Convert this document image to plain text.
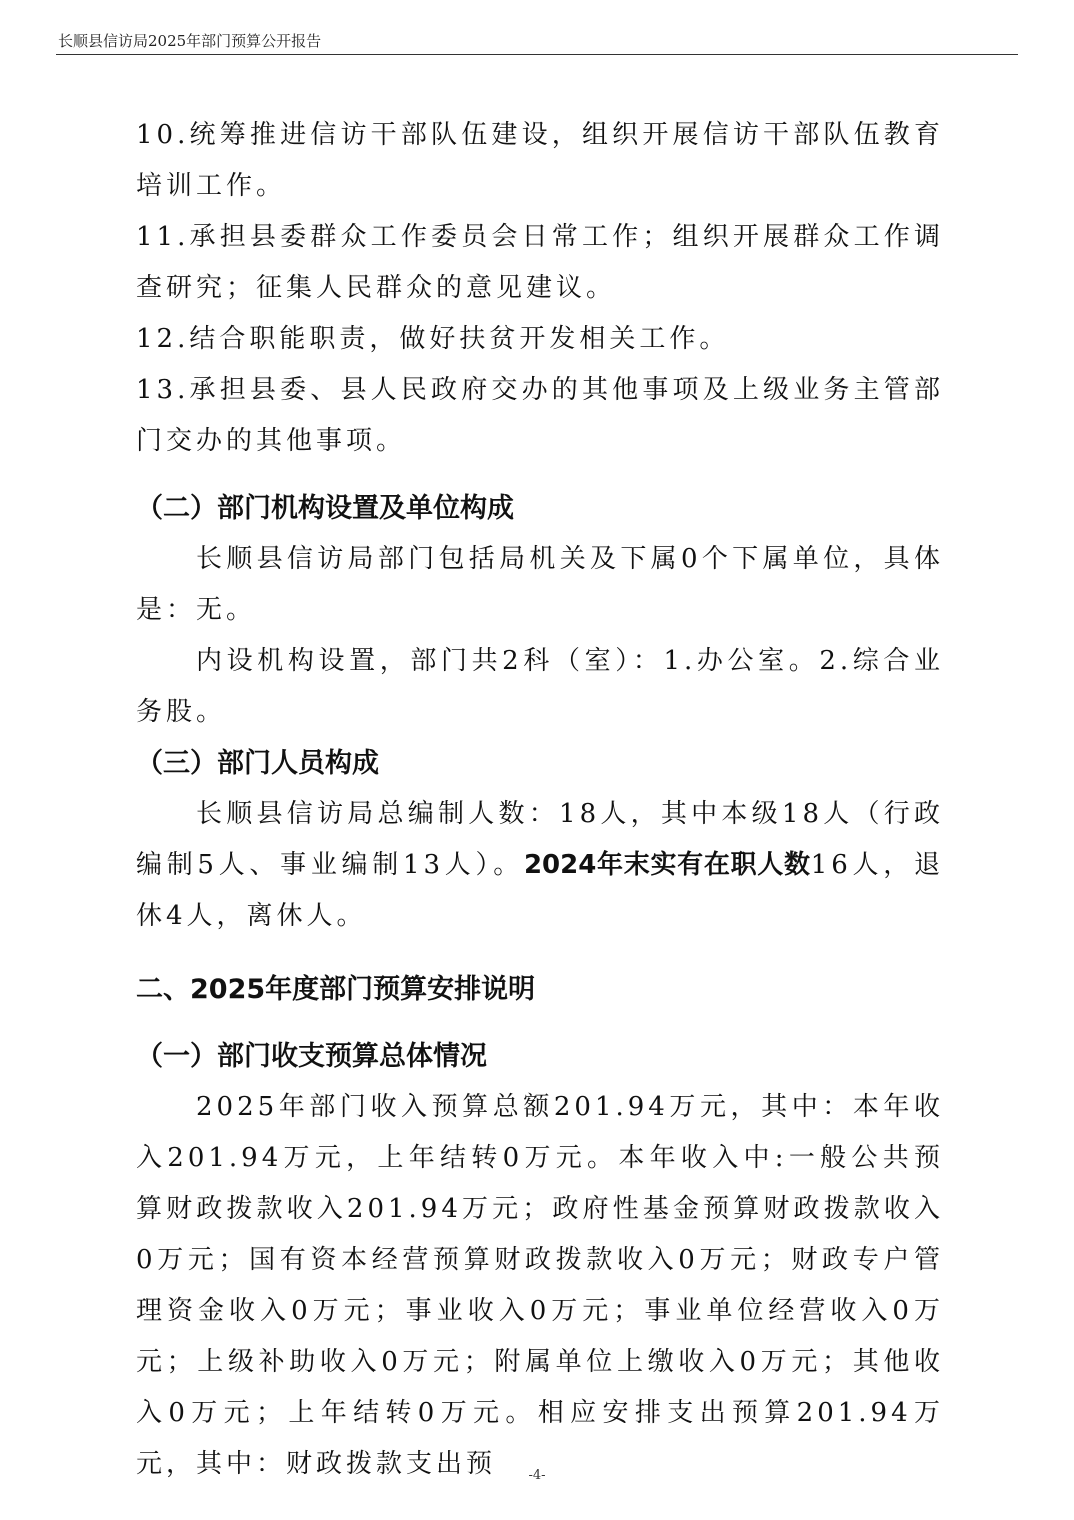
长顺县信访局2025年部门预算公开报告

10.统筹推进信访干部队伍建设，组织开展信访干部队伍教育培训工作。

11.承担县委群众工作委员会日常工作；组织开展群众工作调查研究；征集人民群众的意见建议。

12.结合职能职责，做好扶贫开发相关工作。

13.承担县委、县人民政府交办的其他事项及上级业务主管部门交办的其他事项。

（二）部门机构设置及单位构成

长顺县信访局部门包括局机关及下属0个下属单位，具体是：无。

内设机构设置，部门共2科（室）：1.办公室。2.综合业务股。

（三）部门人员构成

长顺县信访局总编制人数：18人，其中本级18人（行政编制5人、事业编制13人）。2024年末实有在职人数16人，退休4人，离休人。

二、2025年度部门预算安排说明
（一）部门收支预算总体情况

2025年部门收入预算总额201.94万元，其中：本年收入201.94万元，上年结转0万元。本年收入中:一般公共预算财政拨款收入201.94万元；政府性基金预算财政拨款收入0万元；国有资本经营预算财政拨款收入0万元；财政专户管理资金收入0万元；事业收入0万元；事业单位经营收入0万元；上级补助收入0万元；附属单位上缴收入0万元；其他收入0万元；上年结转0万元。相应安排支出预算201.94万元，其中：财政拨款支出预	-4-
